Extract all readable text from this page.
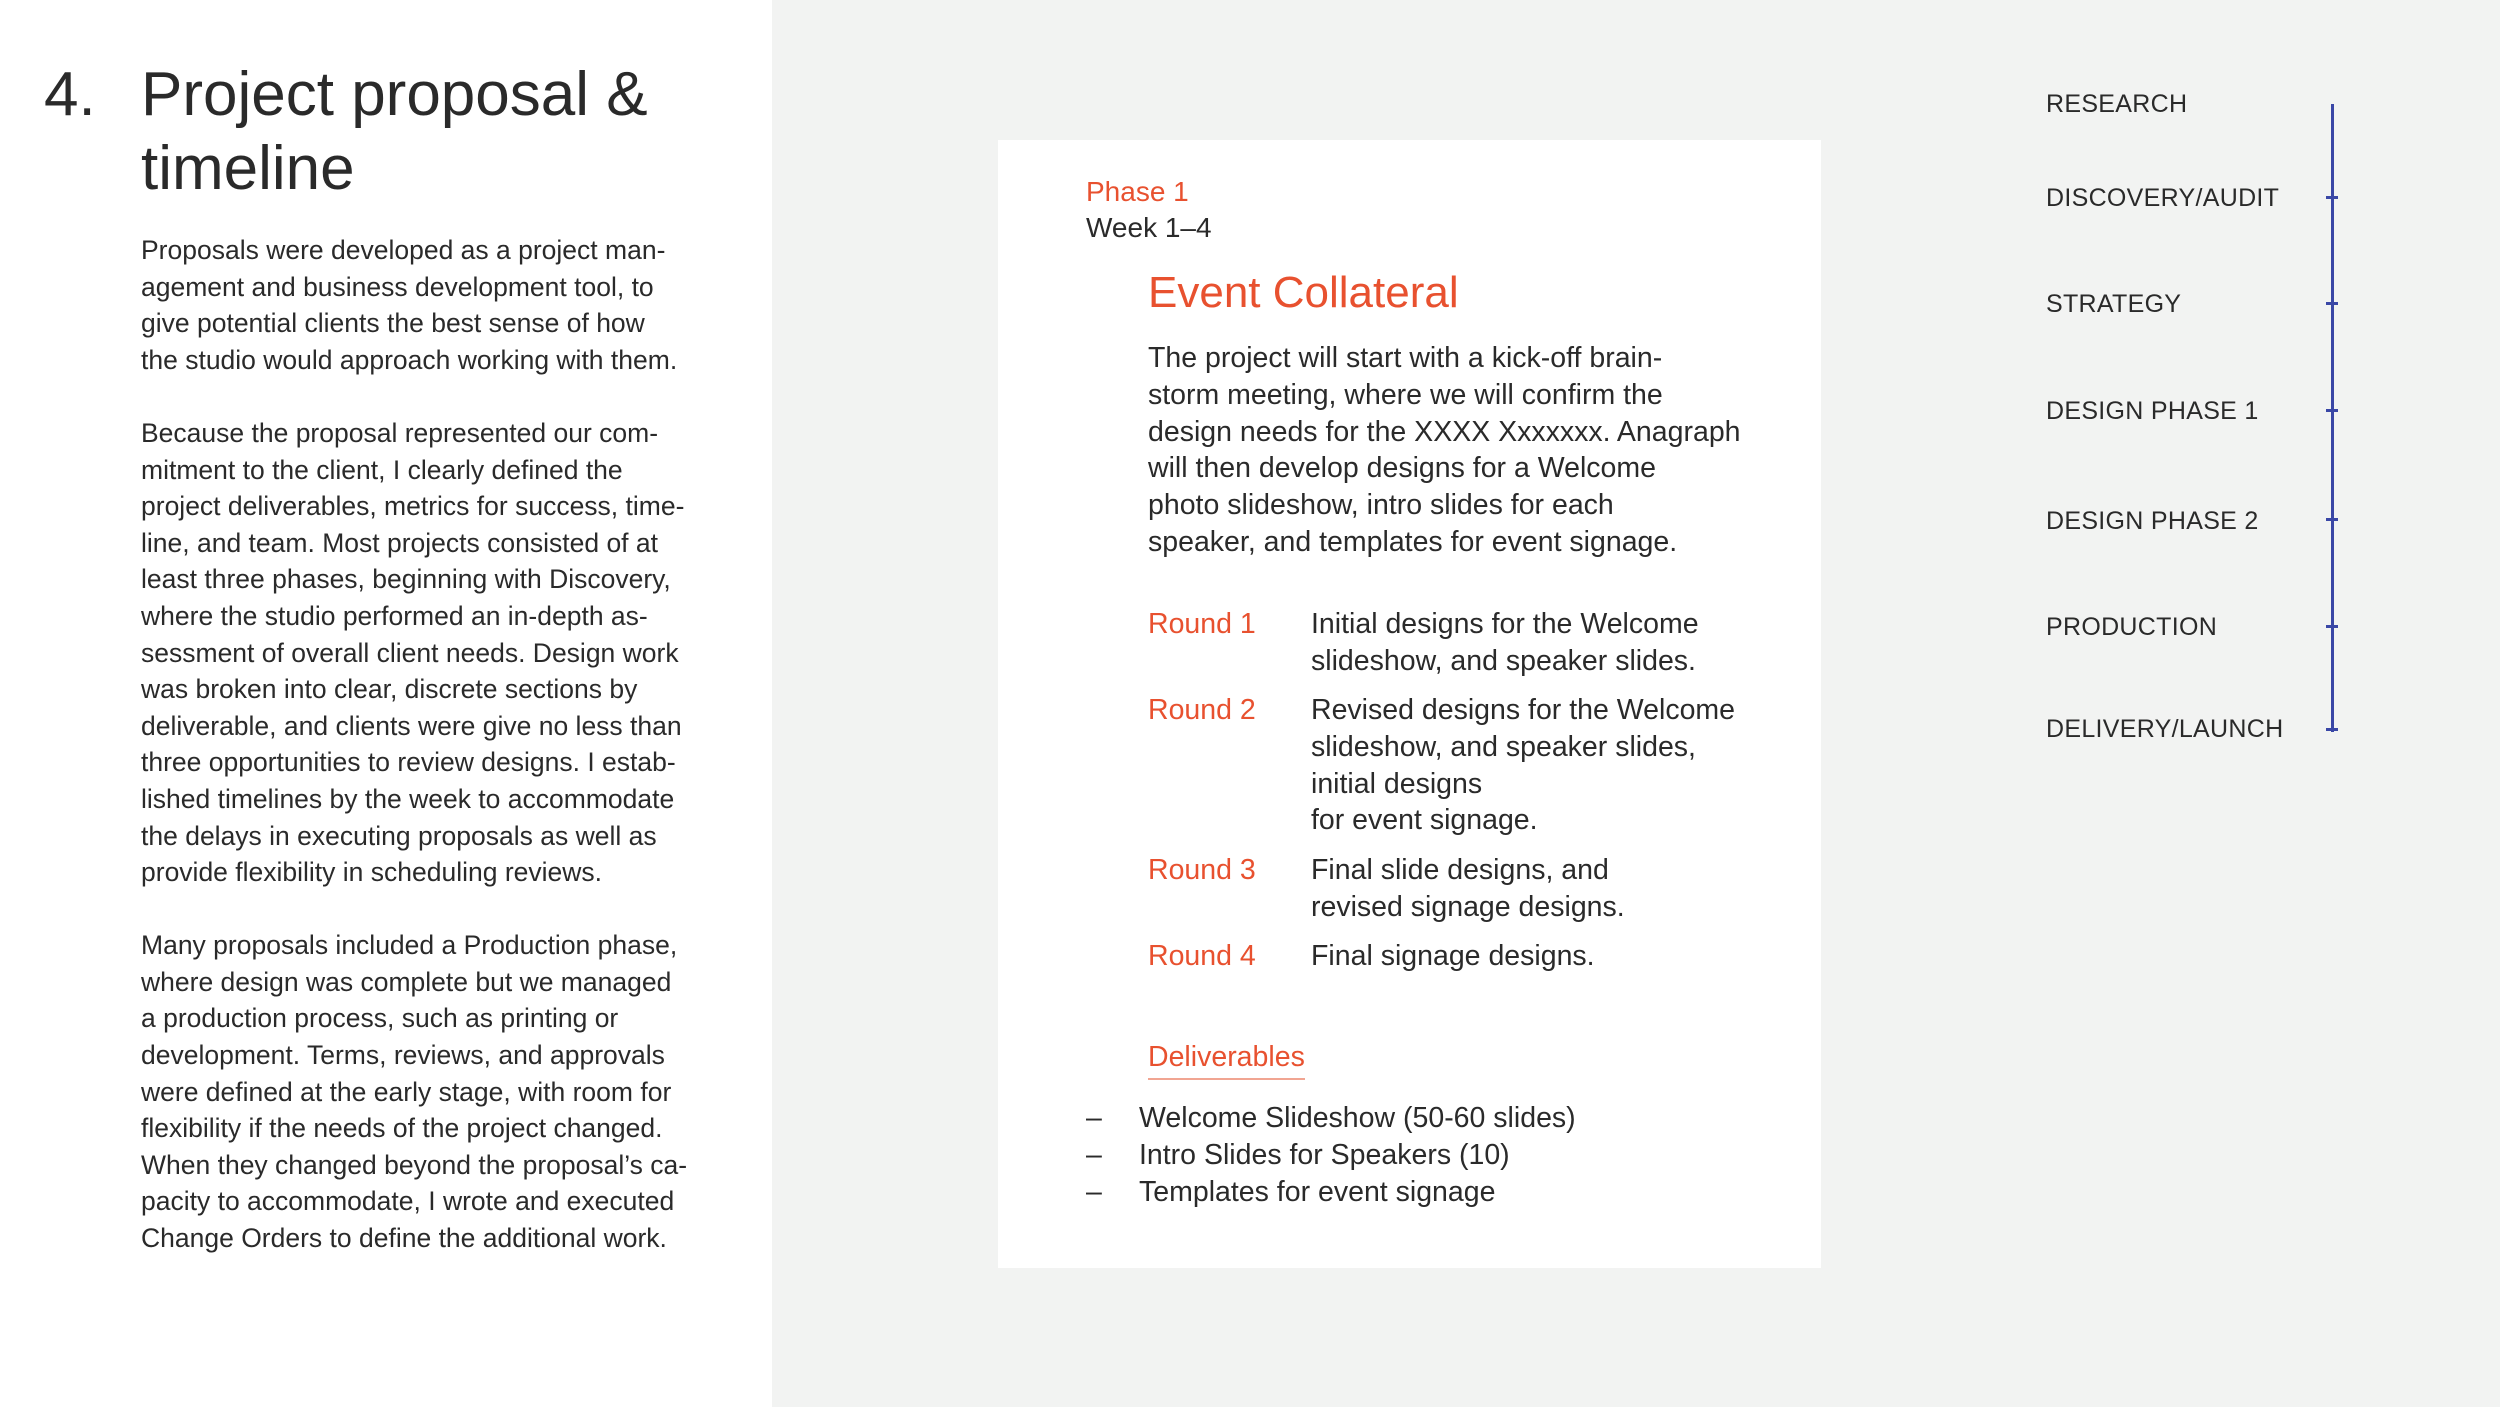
4. Project proposal &
timeline

Proposals were developed as a project man-
agement and business development tool, to
give potential clients the best sense of how
the studio would approach working with them.

Because the proposal represented our com-
mitment to the client, I clearly defined the
project deliverables, metrics for success, time-
line, and team. Most projects consisted of at
least three phases, beginning with Discovery,
where the studio performed an in-depth as-
sessment of overall client needs. Design work
was broken into clear, discrete sections by
deliverable, and clients were give no less than
three opportunities to review designs. I estab-
lished timelines by the week to accommodate
the delays in executing proposals as well as
provide flexibility in scheduling reviews.

Many proposals included a Production phase,
where design was complete but we managed
a production process, such as printing or
development. Terms, reviews, and approvals
were defined at the early stage, with room for
flexibility if the needs of the project changed.
When they changed beyond the proposal’s ca-
pacity to accommodate, I wrote and executed
Change Orders to define the additional work.

Phase 1
Week 1–4
Event Collateral

The project will start with a kick-off brain-
storm meeting, where we will confirm the
design needs for the XXXX Xxxxxxx. Anagraph
will then develop designs for a Welcome
photo slideshow, intro slides for each
speaker, and templates for event signage.

Round 1	Initial designs for the Welcome
slideshow, and speaker slides.
Round 2	Revised designs for the Welcome
slideshow, and speaker slides,
initial designs
for event signage.
Round 3	Final slide designs, and
revised signage designs.
Round 4	Final signage designs.
Deliverables
– Welcome Slideshow (50-60 slides)
– Intro Slides for Speakers (10)
– Templates for event signage
RESEARCH
DISCOVERY/AUDIT
STRATEGY
DESIGN PHASE 1
DESIGN PHASE 2
PRODUCTION
DELIVERY/LAUNCH
